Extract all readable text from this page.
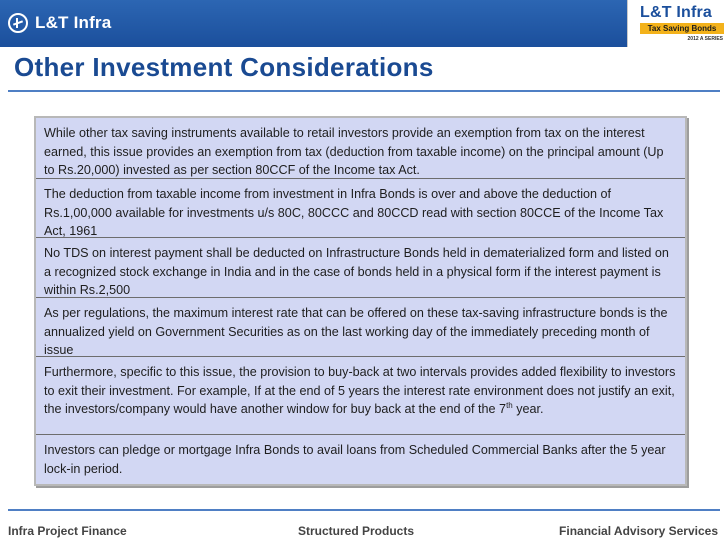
L&T Infra
L&T Infra
Tax Saving Bonds
2012 A SERIES
Other Investment Considerations
While other tax saving instruments available to retail investors provide an exemption from tax on the interest earned, this issue provides an exemption from tax (deduction from taxable income) on the principal amount (Up to Rs.20,000) invested as per section 80CCF of the Income tax Act.
The deduction from taxable income from investment in Infra Bonds is over and above the deduction of Rs.1,00,000 available for investments u/s 80C, 80CCC and 80CCD read with section 80CCE of the Income Tax Act, 1961
No TDS on interest payment shall be deducted on Infrastructure Bonds held in dematerialized form and listed on a recognized stock exchange in India and in the case of bonds held in a physical form if the interest payment is within Rs.2,500
As per regulations, the maximum interest rate that can be offered on these tax-saving infrastructure bonds is the annualized yield on Government Securities as on the last working day of the immediately preceding month of issue
Furthermore, specific to this issue, the provision to buy-back at two intervals provides added flexibility to investors to exit their investment. For example, If at the end of 5 years the interest rate environment does not justify an exit, the investors/company would have another window for buy back at the end of the 7th year.
Investors can pledge or mortgage Infra Bonds to avail loans from Scheduled Commercial Banks after the 5 year lock-in period.
Infra Project Finance	Structured Products	Financial Advisory Services
